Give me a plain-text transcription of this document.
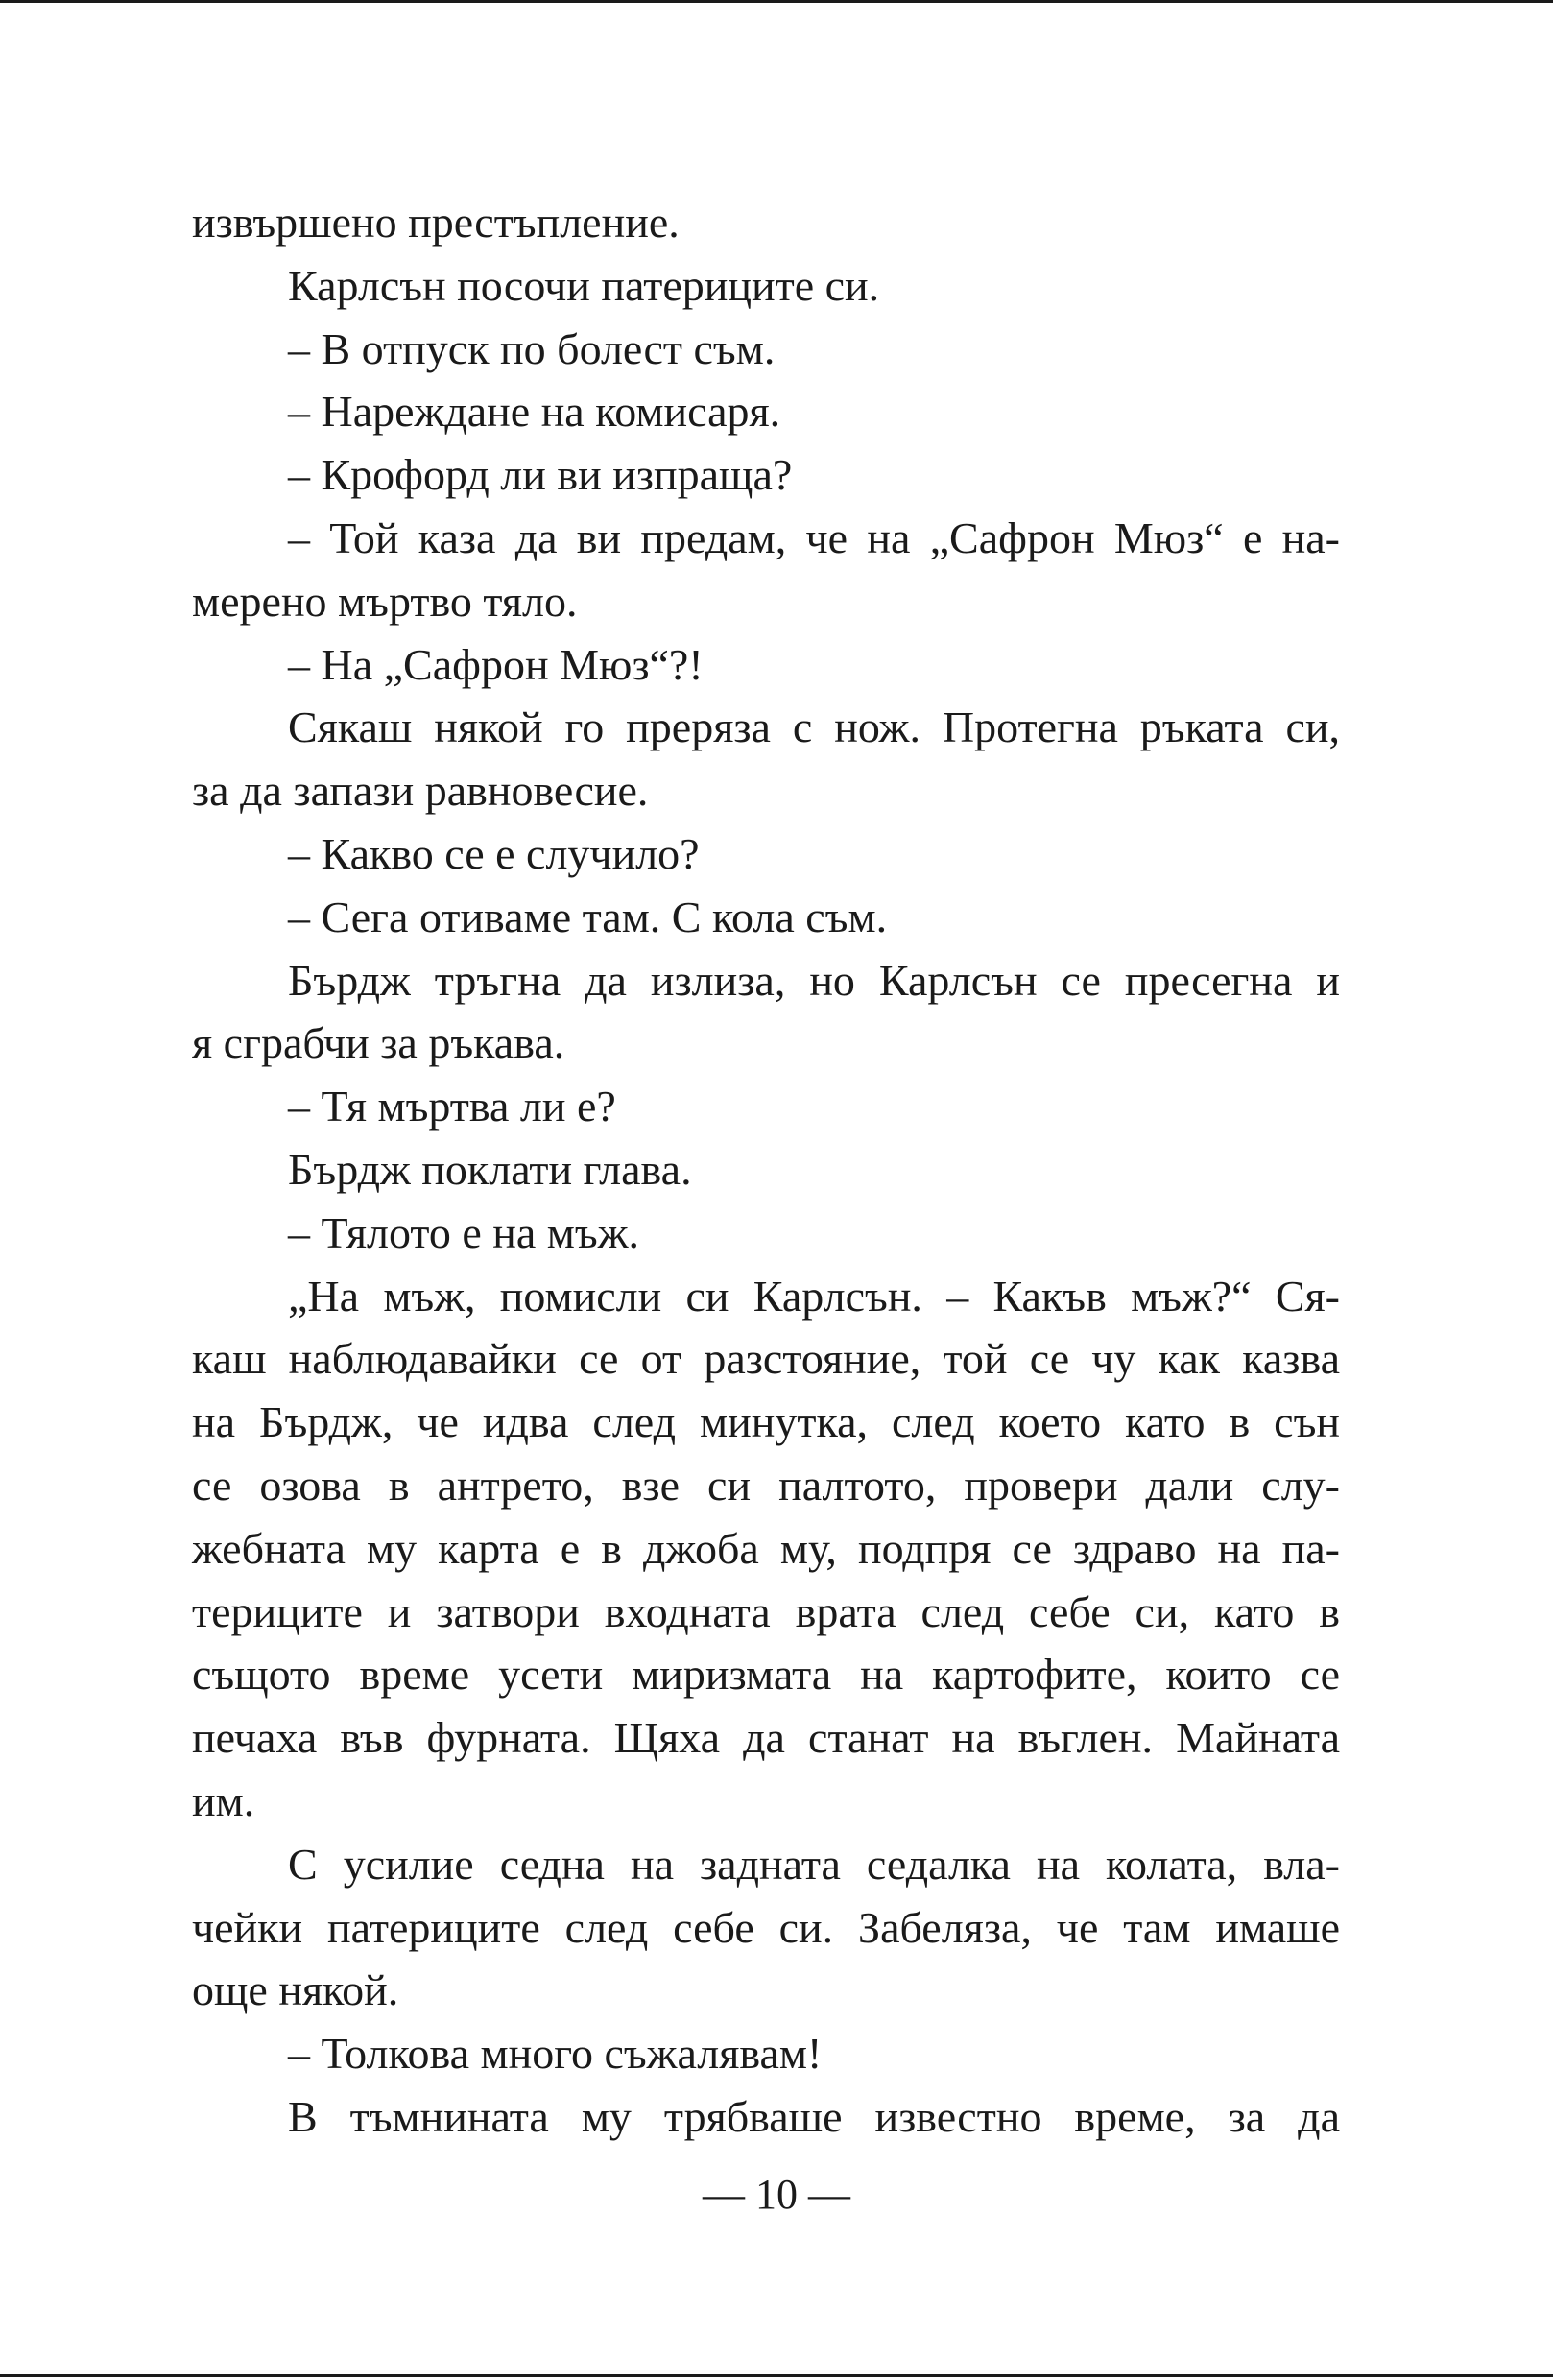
извършено престъпление.
Карлсън посочи патериците си.
– В отпуск по болест съм.
– Нареждане на комисаря.
– Крофорд ли ви изпраща?
– Той каза да ви предам, че на „Сафрон Мюз“ е на-
мерено мъртво тяло.
– На „Сафрон Мюз“?!
Сякаш някой го преряза с нож. Протегна ръката си,
за да запази равновесие.
– Какво се е случило?
– Сега отиваме там. С кола съм.
Бърдж тръгна да излиза, но Карлсън се пресегна и
я сграбчи за ръкава.
– Тя мъртва ли е?
Бърдж поклати глава.
– Тялото е на мъж.
„На мъж, помисли си Карлсън. – Какъв мъж?“ Ся-
каш наблюдавайки се от разстояние, той се чу как казва
на Бърдж, че идва след минутка, след което като в сън
се озова в антрето, взе си палтото, провери дали слу-
жебната му карта е в джоба му, подпря се здраво на па-
териците и затвори входната врата след себе си, като в
същото време усети миризмата на картофите, които се
печаха във фурната. Щяха да станат на въглен. Майната
им.
С усилие седна на задната седалка на колата, вла-
чейки патериците след себе си. Забеляза, че там имаше
още някой.
– Толкова много съжалявам!
В тъмнината му трябваше известно време, за да
— 10 —
